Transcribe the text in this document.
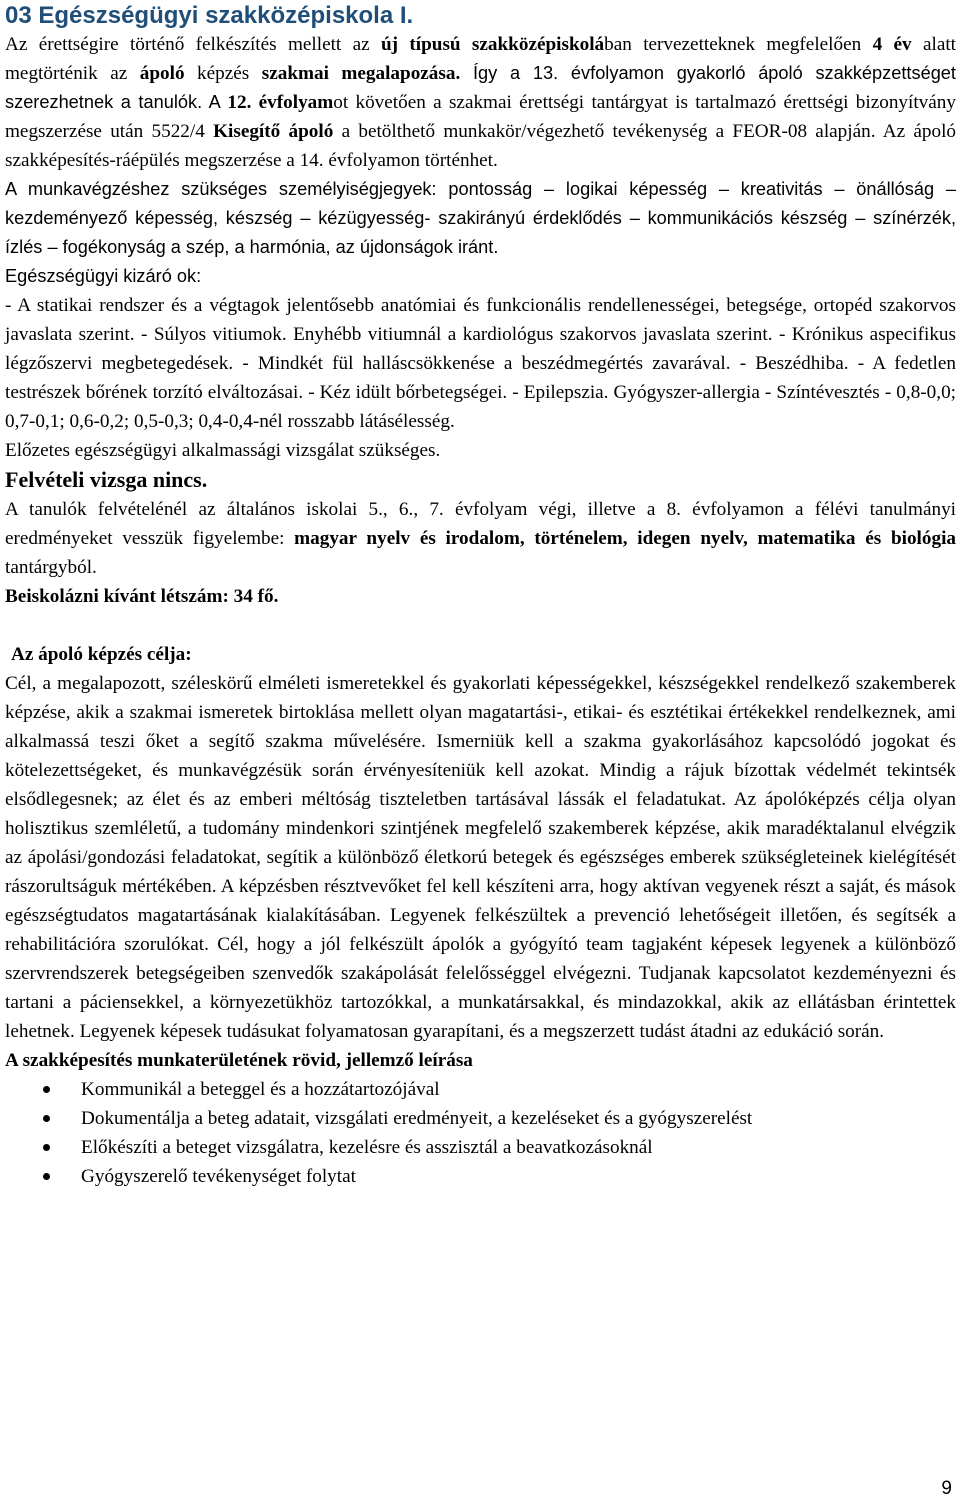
03 Egészségügyi szakközépiskola I.

Az érettségire történő felkészítés mellett az új típusú szakközépiskolában tervezetteknek megfelelően 4 év alatt megtörténik az ápoló képzés szakmai megalapozása. Így a 13. évfolyamon gyakorló ápoló szakképzettséget szerezhetnek a tanulók. A 12. évfolyamot követően a szakmai érettségi tantárgyat is tartalmazó érettségi bizonyítvány megszerzése után 5522/4 Kisegítő ápoló a betölthető munkakör/végezhető tevékenység a FEOR-08 alapján. Az ápoló szakképesítés-ráépülés megszerzése a 14. évfolyamon történhet.

A munkavégzéshez szükséges személyiségjegyek: pontosság – logikai képesség – kreativitás – önállóság – kezdeményező képesség, készség – kézügyesség- szakirányú érdeklődés – kommunikációs készség – színérzék, ízlés – fogékonyság a szép, a harmónia, az újdonságok iránt.

Egészségügyi kizáró ok:

- A statikai rendszer és a végtagok jelentősebb anatómiai és funkcionális rendellenességei, betegsége, ortopéd szakorvos javaslata szerint. - Súlyos vitiumok. Enyhébb vitiumnál a kardiológus szakorvos javaslata szerint. - Krónikus aspecifikus légzőszervi megbetegedések. - Mindkét fül halláscsökkenése a beszédmegértés zavarával. - Beszédhiba. - A fedetlen testrészek bőrének torzító elváltozásai. - Kéz idült bőrbetegségei. - Epilepszia. Gyógyszer-allergia - Színtévesztés - 0,8-0,0; 0,7-0,1; 0,6-0,2; 0,5-0,3; 0,4-0,4-nél rosszabb látásélesség.

Előzetes egészségügyi alkalmassági vizsgálat szükséges.

Felvételi vizsga nincs.

A tanulók felvételénél az általános iskolai 5., 6., 7. évfolyam végi, illetve a 8. évfolyamon a félévi tanulmányi eredményeket vesszük figyelembe: magyar nyelv és irodalom, történelem, idegen nyelv, matematika és biológia tantárgyból.

Beiskolázni kívánt létszám: 34 fő.

Az ápoló képzés célja:

Cél, a megalapozott, széleskörű elméleti ismeretekkel és gyakorlati képességekkel, készségekkel rendelkező szakemberek képzése, akik a szakmai ismeretek birtoklása mellett olyan magatartási-, etikai- és esztétikai értékekkel rendelkeznek, ami alkalmassá teszi őket a segítő szakma művelésére. Ismerniük kell a szakma gyakorlásához kapcsolódó jogokat és kötelezettségeket, és munkavégzésük során érvényesíteniük kell azokat. Mindig a rájuk bízottak védelmét tekintsék elsődlegesnek; az élet és az emberi méltóság tiszteletben tartásával lássák el feladatukat. Az ápolóképzés célja olyan holisztikus szemléletű, a tudomány mindenkori szintjének megfelelő szakemberek képzése, akik maradéktalanul elvégzik az ápolási/gondozási feladatokat, segítik a különböző életkorú betegek és egészséges emberek szükségleteinek kielégítését rászorultságuk mértékében. A képzésben résztvevőket fel kell készíteni arra, hogy aktívan vegyenek részt a saját, és mások egészségtudatos magatartásának kialakításában. Legyenek felkészültek a prevenció lehetőségeit illetően, és segítsék a rehabilitációra szorulókat. Cél, hogy a jól felkészült ápolók a gyógyító team tagjaként képesek legyenek a különböző szervrendszerek betegségeiben szenvedők szakápolását felelősséggel elvégezni. Tudjanak kapcsolatot kezdeményezni és tartani a páciensekkel, a környezetükhöz tartozókkal, a munkatársakkal, és mindazokkal, akik az ellátásban érintettek lehetnek. Legyenek képesek tudásukat folyamatosan gyarapítani, és a megszerzett tudást átadni az edukáció során.

A szakképesítés munkaterületének rövid, jellemző leírása

Kommunikál a beteggel és a hozzátartozójával
Dokumentálja a beteg adatait, vizsgálati eredményeit, a kezeléseket és a gyógyszerelést
Előkészíti a beteget vizsgálatra, kezelésre és asszisztál a beavatkozásoknál
Gyógyszerelő tevékenységet folytat
9
